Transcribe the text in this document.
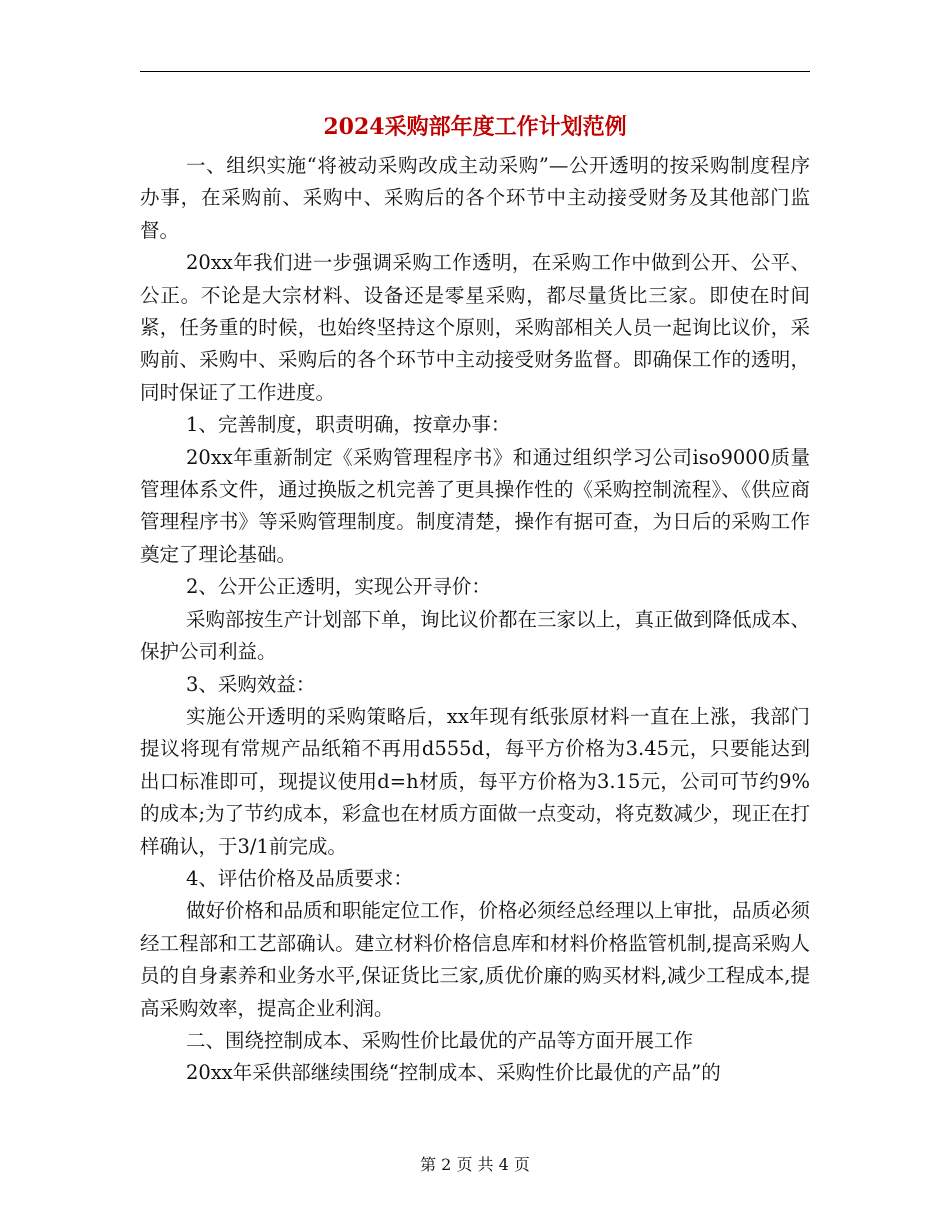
2024采购部年度工作计划范例

一、组织实施“将被动采购改成主动采购”—公开透明的按采购制度程序办事，在采购前、采购中、采购后的各个环节中主动接受财务及其他部门监督。

20xx年我们进一步强调采购工作透明，在采购工作中做到公开、公平、公正。不论是大宗材料、设备还是零星采购，都尽量货比三家。即使在时间紧，任务重的时候，也始终坚持这个原则，采购部相关人员一起询比议价，采购前、采购中、采购后的各个环节中主动接受财务监督。即确保工作的透明，同时保证了工作进度。

1、完善制度，职责明确，按章办事：

20xx年重新制定《采购管理程序书》和通过组织学习公司iso9000质量管理体系文件，通过换版之机完善了更具操作性的《采购控制流程》、《供应商管理程序书》等采购管理制度。制度清楚，操作有据可查，为日后的采购工作奠定了理论基础。

2、公开公正透明，实现公开寻价：

采购部按生产计划部下单，询比议价都在三家以上，真正做到降低成本、保护公司利益。

3、采购效益：

实施公开透明的采购策略后，xx年现有纸张原材料一直在上涨，我部门提议将现有常规产品纸箱不再用d555d，每平方价格为3.45元，只要能达到出口标准即可，现提议使用d=h材质，每平方价格为3.15元，公司可节约9%的成本;为了节约成本，彩盒也在材质方面做一点变动，将克数减少，现正在打样确认，于3/1前完成。

4、评估价格及品质要求：

做好价格和品质和职能定位工作，价格必须经总经理以上审批，品质必须经工程部和工艺部确认。建立材料价格信息库和材料价格监管机制,提高采购人员的自身素养和业务水平,保证货比三家,质优价廉的购买材料,减少工程成本,提高采购效率，提高企业利润。

二、围绕控制成本、采购性价比最优的产品等方面开展工作

20xx年采供部继续围绕“控制成本、采购性价比最优的产品”的

第 2 页 共 4 页
